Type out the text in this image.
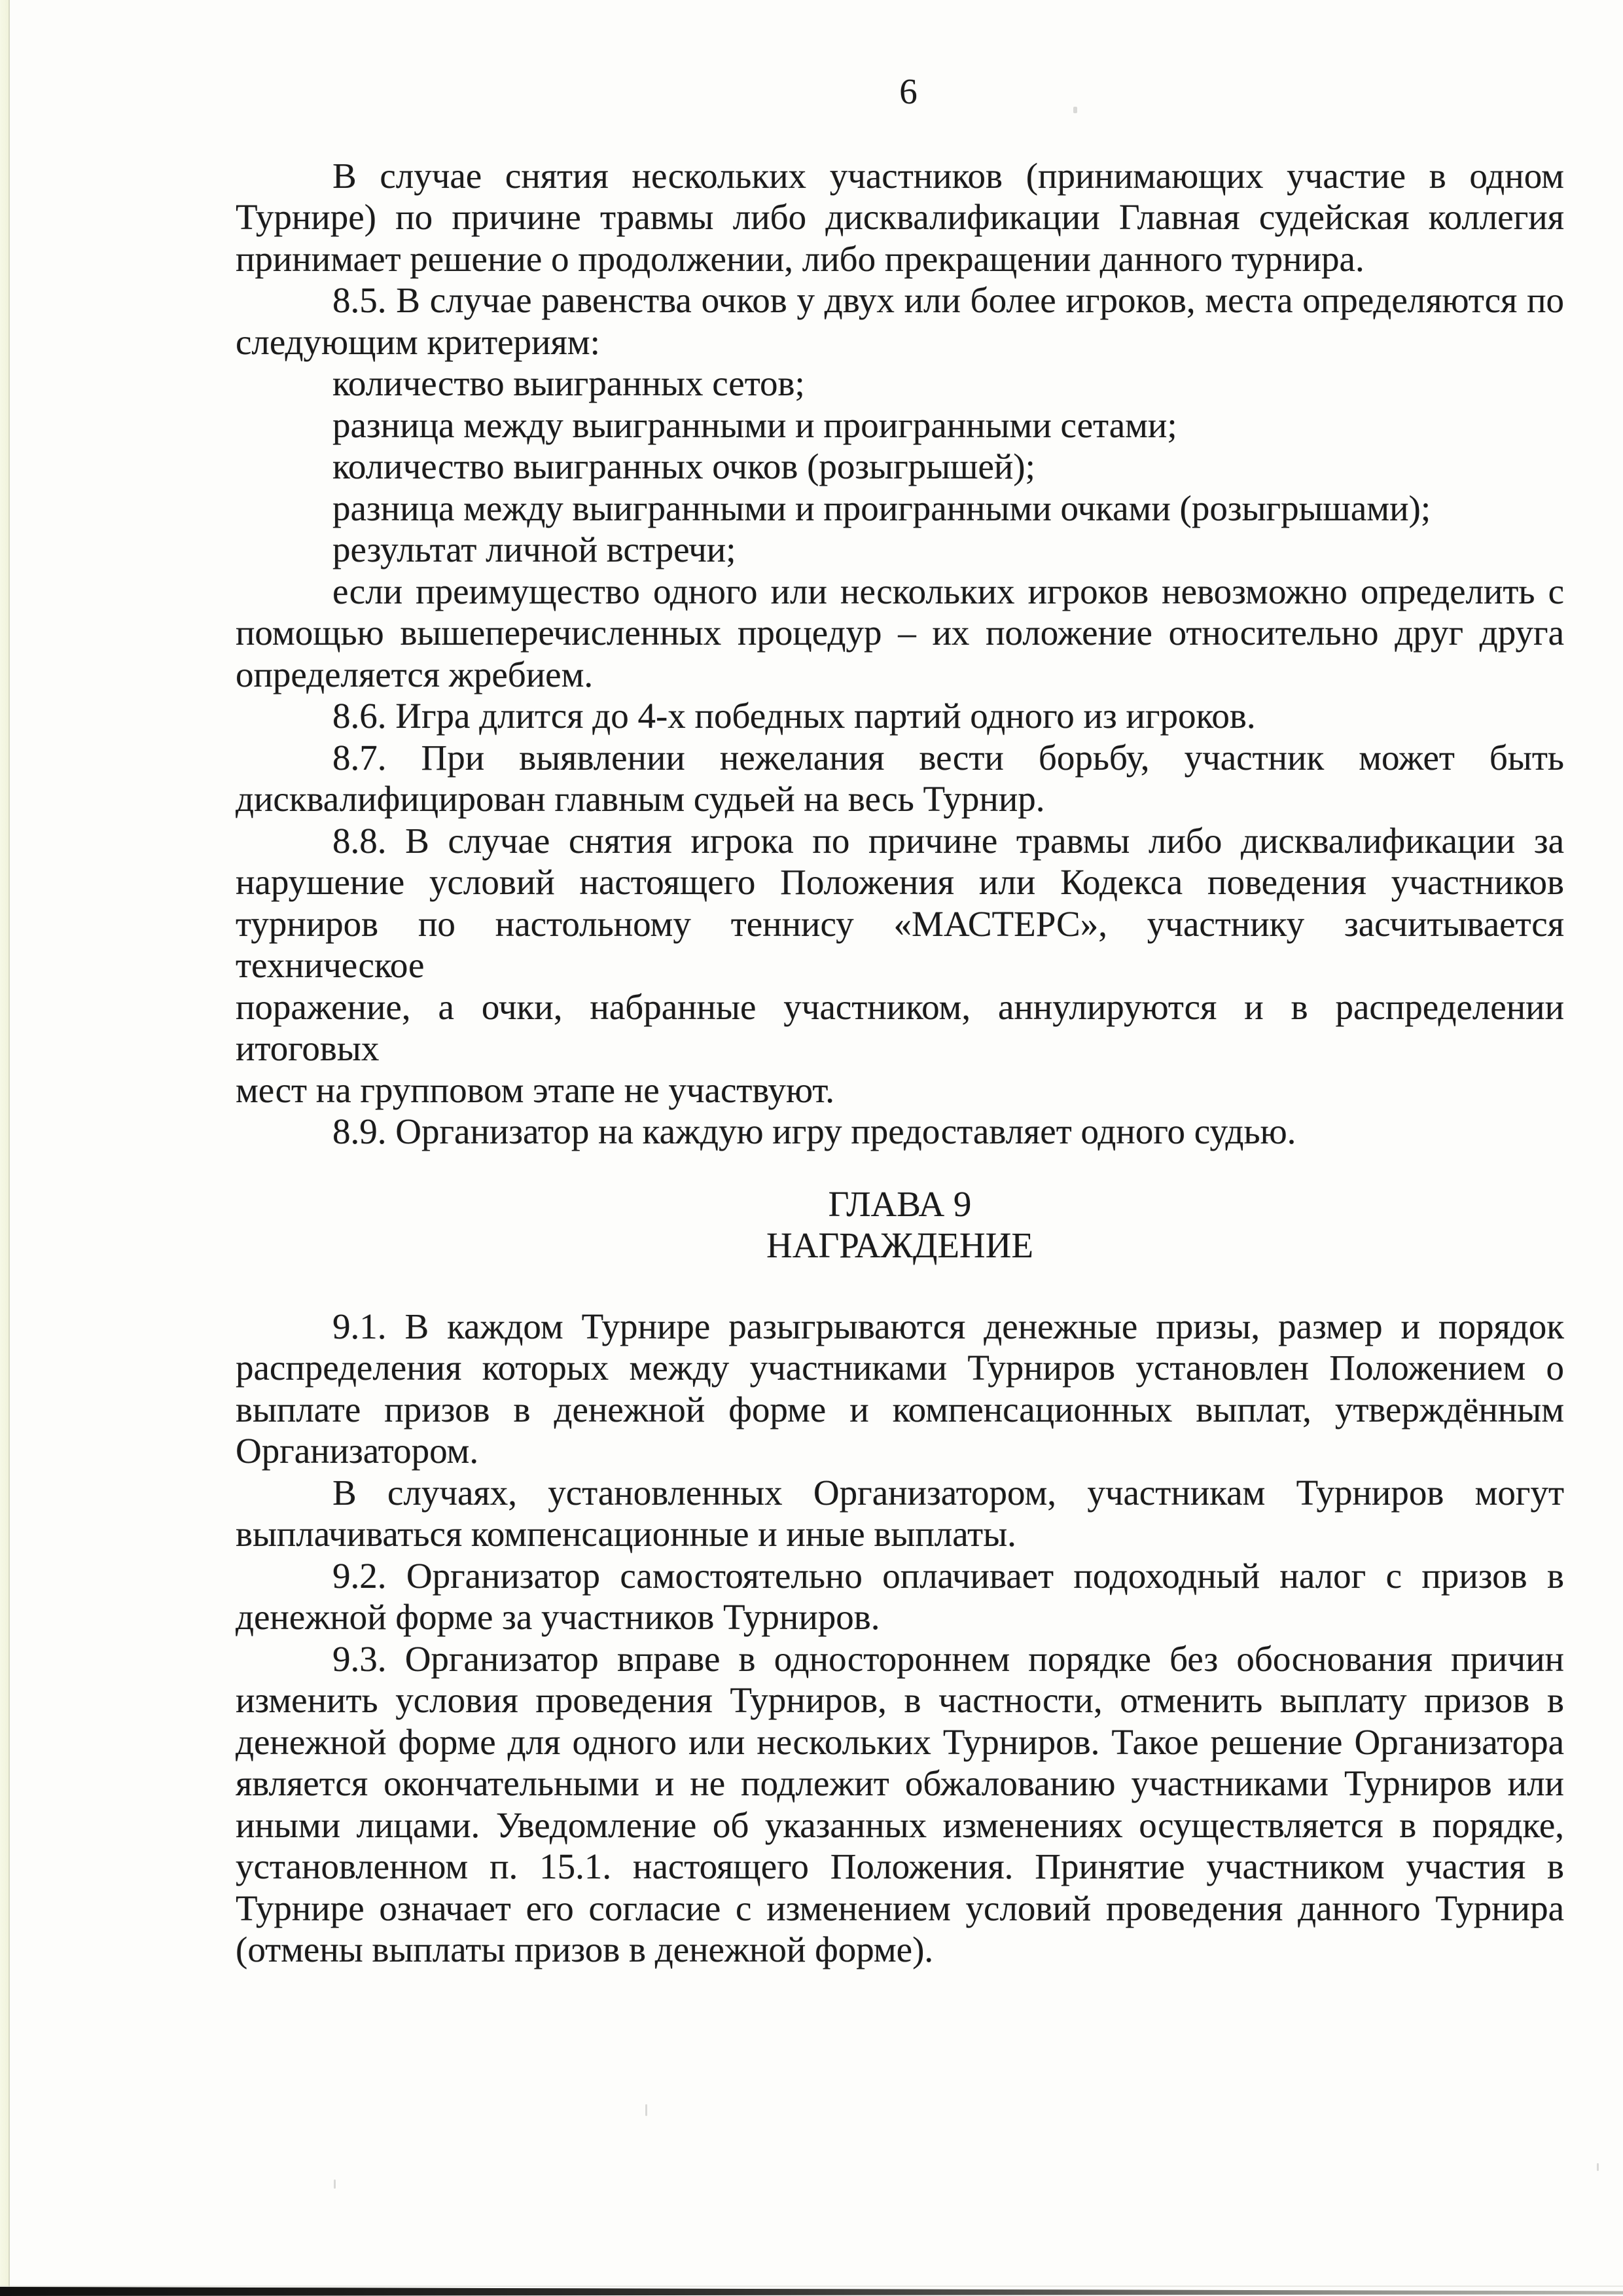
6

В случае снятия нескольких участников (принимающих участие в одном
Турнире) по причине травмы либо дисквалификации Главная судейская коллегия
принимает решение о продолжении, либо прекращении данного турнира.

8.5. В случае равенства очков у двух или более игроков, места определяются по
следующим критериям:

количество выигранных сетов;

разница между выигранными и проигранными сетами;

количество выигранных очков (розыгрышей);

разница между выигранными и проигранными очками (розыгрышами);

результат личной встречи;

если преимущество одного или нескольких игроков невозможно определить с
помощью вышеперечисленных процедур – их положение относительно друг друга
определяется жребием.

8.6. Игра длится до 4-х победных партий одного из игроков.

8.7. При выявлении нежелания вести борьбу, участник может быть
дисквалифицирован главным судьей на весь Турнир.

8.8. В случае снятия игрока по причине травмы либо дисквалификации за
нарушение условий настоящего Положения или Кодекса поведения участников
турниров по настольному теннису «МАСТЕРС», участнику засчитывается техническое
поражение, а очки, набранные участником, аннулируются и в распределении итоговых
мест на групповом этапе не участвуют.

8.9. Организатор на каждую игру предоставляет одного судью.

ГЛАВА 9
НАГРАЖДЕНИЕ

9.1. В каждом Турнире разыгрываются денежные призы, размер и порядок
распределения которых между участниками Турниров установлен Положением о
выплате призов в денежной форме и компенсационных выплат, утверждённым
Организатором.

В случаях, установленных Организатором, участникам Турниров могут
выплачиваться компенсационные и иные выплаты.

9.2. Организатор самостоятельно оплачивает подоходный налог с призов в
денежной форме за участников Турниров.

9.3. Организатор вправе в одностороннем порядке без обоснования причин
изменить условия проведения Турниров, в частности, отменить выплату призов в
денежной форме для одного или нескольких Турниров. Такое решение Организатора
является окончательными и не подлежит обжалованию участниками Турниров или
иными лицами. Уведомление об указанных изменениях осуществляется в порядке,
установленном п. 15.1. настоящего Положения. Принятие участником участия в
Турнире означает его согласие с изменением условий проведения данного Турнира
(отмены выплаты призов в денежной форме).
